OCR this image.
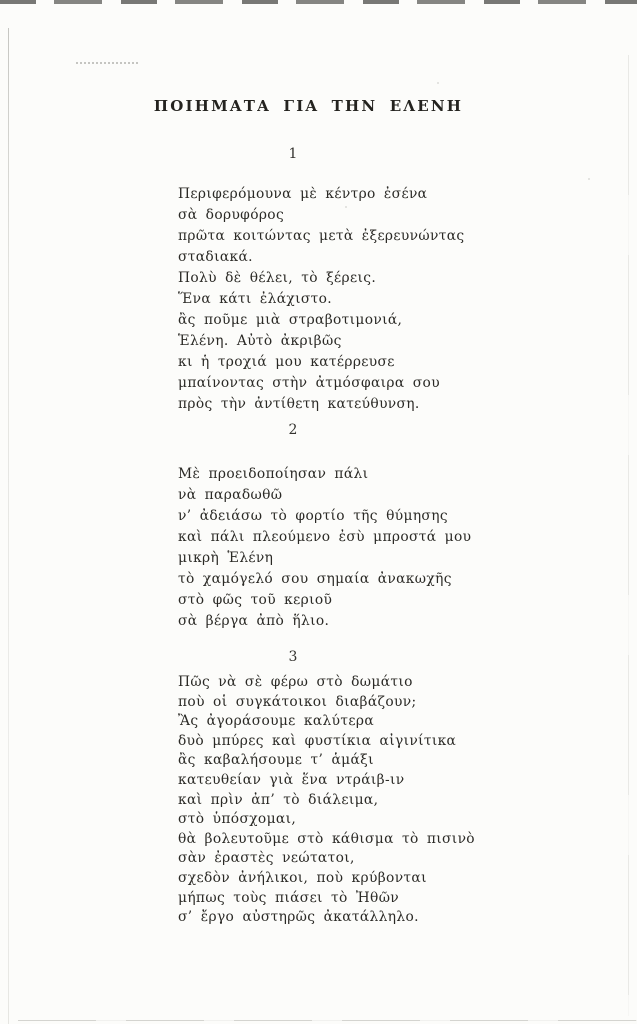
ΠΟΙΗΜΑΤΑ ΓΙΑ ΤΗΝ ΕΛΕΝΗ
1
Περιφερόμουνα μὲ κέντρο ἐσένα
σὰ δορυφόρος
πρῶτα κοιτώντας μετὰ ἐξερευνώντας
σταδιακά.
Πολὺ δὲ θέλει, τὸ ξέρεις.
Ἕνα κάτι ἐλάχιστο.
ἂς ποῦμε μιὰ στραβοτιμονιά,
Ἑλένη. Αὐτὸ ἀκριβῶς
κι ἡ τροχιά μου κατέρρευσε
μπαίνοντας στὴν ἀτμόσφαιρα σου
πρὸς τὴν ἀντίθετη κατεύθυνση.
2
Μὲ προειδοποίησαν πάλι
νὰ παραδωθῶ
ν’ ἀδειάσω τὸ φορτίο τῆς θύμησης
καὶ πάλι πλεούμενο ἐσὺ μπροστά μου
μικρὴ Ἑλένη
τὸ χαμόγελό σου σημαία ἀνακωχῆς
στὸ φῶς τοῦ κεριοῦ
σὰ βέργα ἀπὸ ἥλιο.
3
Πῶς νὰ σὲ φέρω στὸ δωμάτιο
ποὺ οἱ συγκάτοικοι διαβάζουν;
Ἂς ἀγοράσουμε καλύτερα
δυὸ μπύρες καὶ φυστίκια αἰγινίτικα
ἂς καβαλήσουμε τ’ ἁμάξι
κατευθείαν γιὰ ἕνα ντράιβ-ιν
καὶ πρὶν ἀπ’ τὸ διάλειμα,
στὸ ὑπόσχομαι,
θὰ βολευτοῦμε στὸ κάθισμα τὸ πισινὸ
σὰν ἐραστὲς νεώτατοι,
σχεδὸν ἀνήλικοι, ποὺ κρύβονται
μήπως τοὺς πιάσει τὸ Ἠθῶν
σ’ ἔργο αὐστηρῶς ἀκατάλληλο.
